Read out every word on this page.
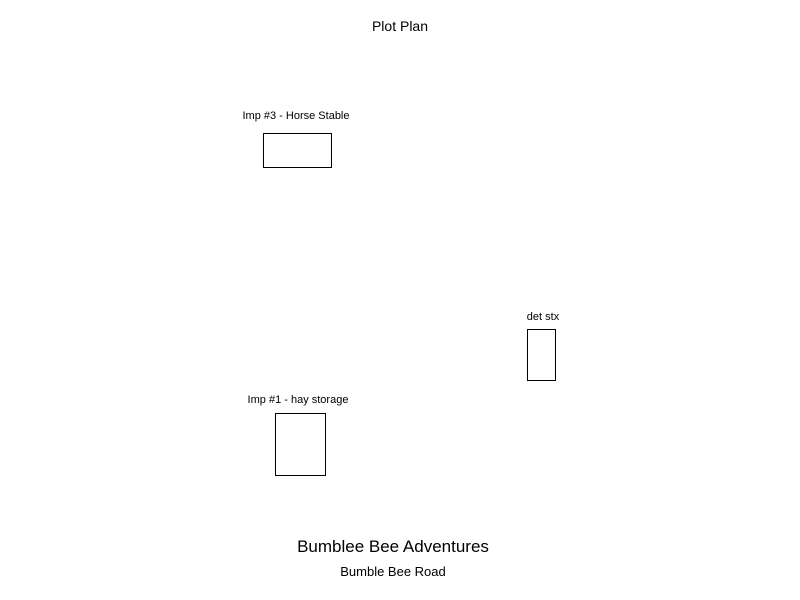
Plot Plan
Imp #3 - Horse Stable
det stx
Imp #1 - hay storage
Bumblee Bee Adventures
Bumble Bee Road
